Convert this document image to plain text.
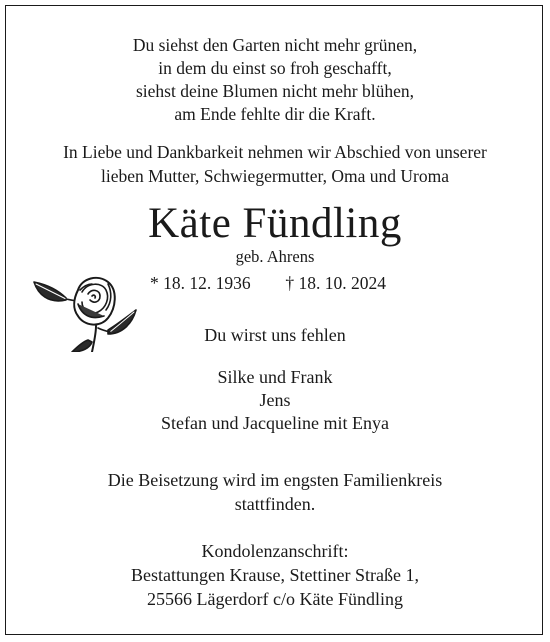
Du siehst den Garten nicht mehr grünen,
in dem du einst so froh geschafft,
siehst deine Blumen nicht mehr blühen,
am Ende fehlte dir die Kraft.
In Liebe und Dankbarkeit nehmen wir Abschied von unserer
lieben Mutter, Schwiegermutter, Oma und Uroma
Käte Fündling
geb. Ahrens
* 18. 12. 1936 † 18. 10. 2024
Du wirst uns fehlen
Silke und Frank
Jens
Stefan und Jacqueline mit Enya
Die Beisetzung wird im engsten Familienkreis
stattfinden.
Kondolenzanschrift:
Bestattungen Krause, Stettiner Straße 1,
25566 Lägerdorf c/o Käte Fündling
